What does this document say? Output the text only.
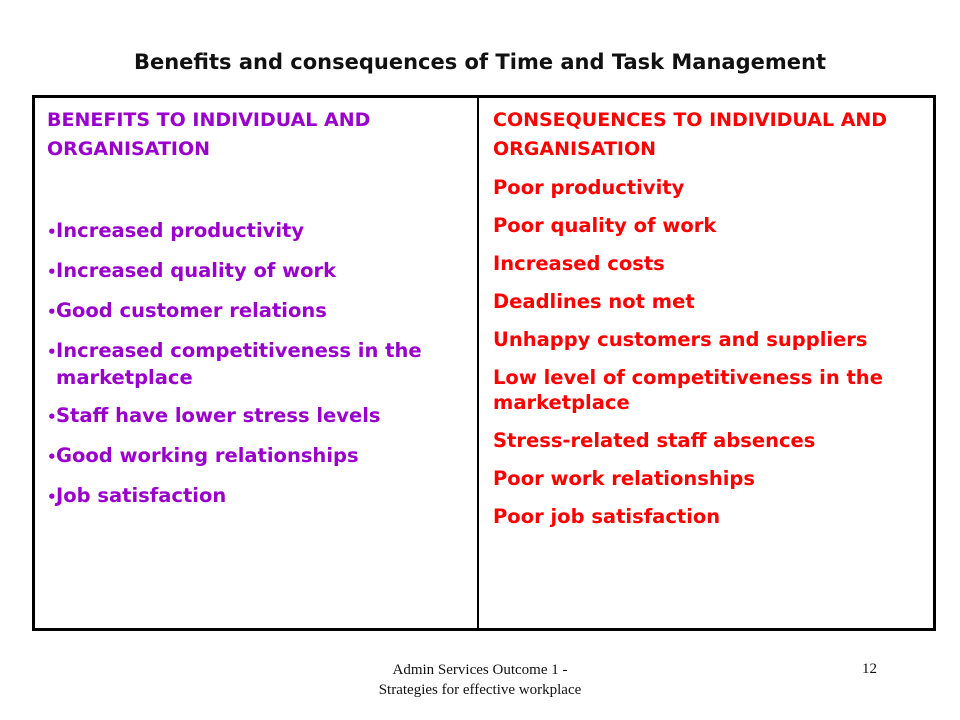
Benefits and consequences of Time and Task Management

BENEFITS TO INDIVIDUAL AND ORGANISATION

•Increased productivity
•Increased quality of work
•Good customer relations
•Increased competitiveness in the marketplace
•Staff have lower stress levels
•Good working relationships
•Job satisfaction

CONSEQUENCES TO INDIVIDUAL AND ORGANISATION

Poor productivity
Poor quality of work
Increased costs
Deadlines not met
Unhappy customers and suppliers
Low level of competitiveness in the marketplace
Stress-related staff absences
Poor work relationships
Poor job satisfaction
Admin Services Outcome 1 -
Strategies for effective workplace
12
